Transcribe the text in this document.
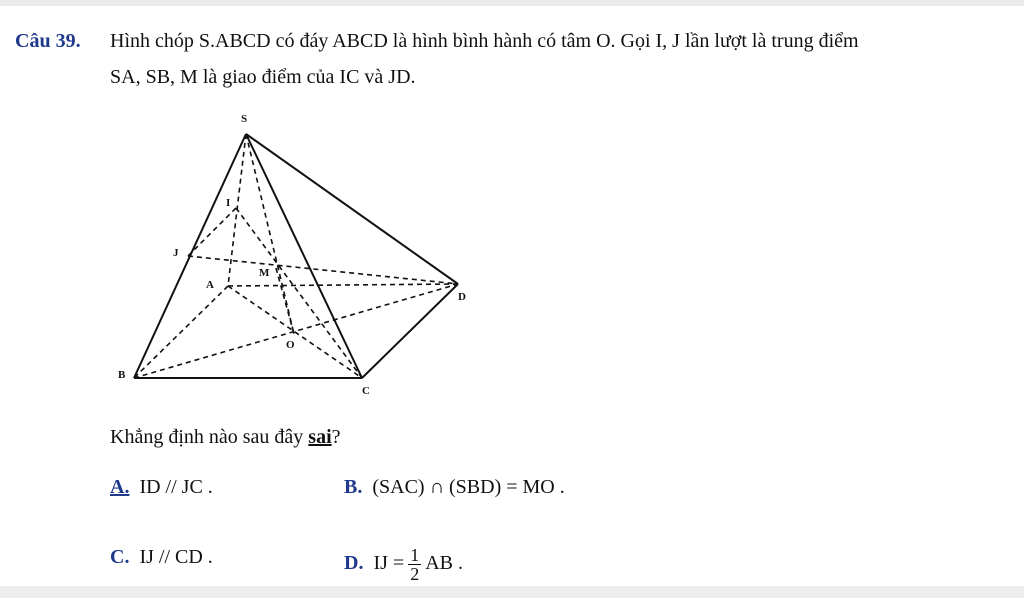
Câu 39. Hình chóp S.ABCD có đáy ABCD là hình bình hành có tâm O. Gọi I, J lần lượt là trung điểm
SA, SB, M là giao điểm của IC và JD.
S
I
J
M
A
D
O
B
C
Khẳng định nào sau đây sai?
A. ID // JC .	B. (SAC) ∩ (SBD) = MO .
C. IJ // CD .	D. IJ = $\frac{1}{2}$ AB .
